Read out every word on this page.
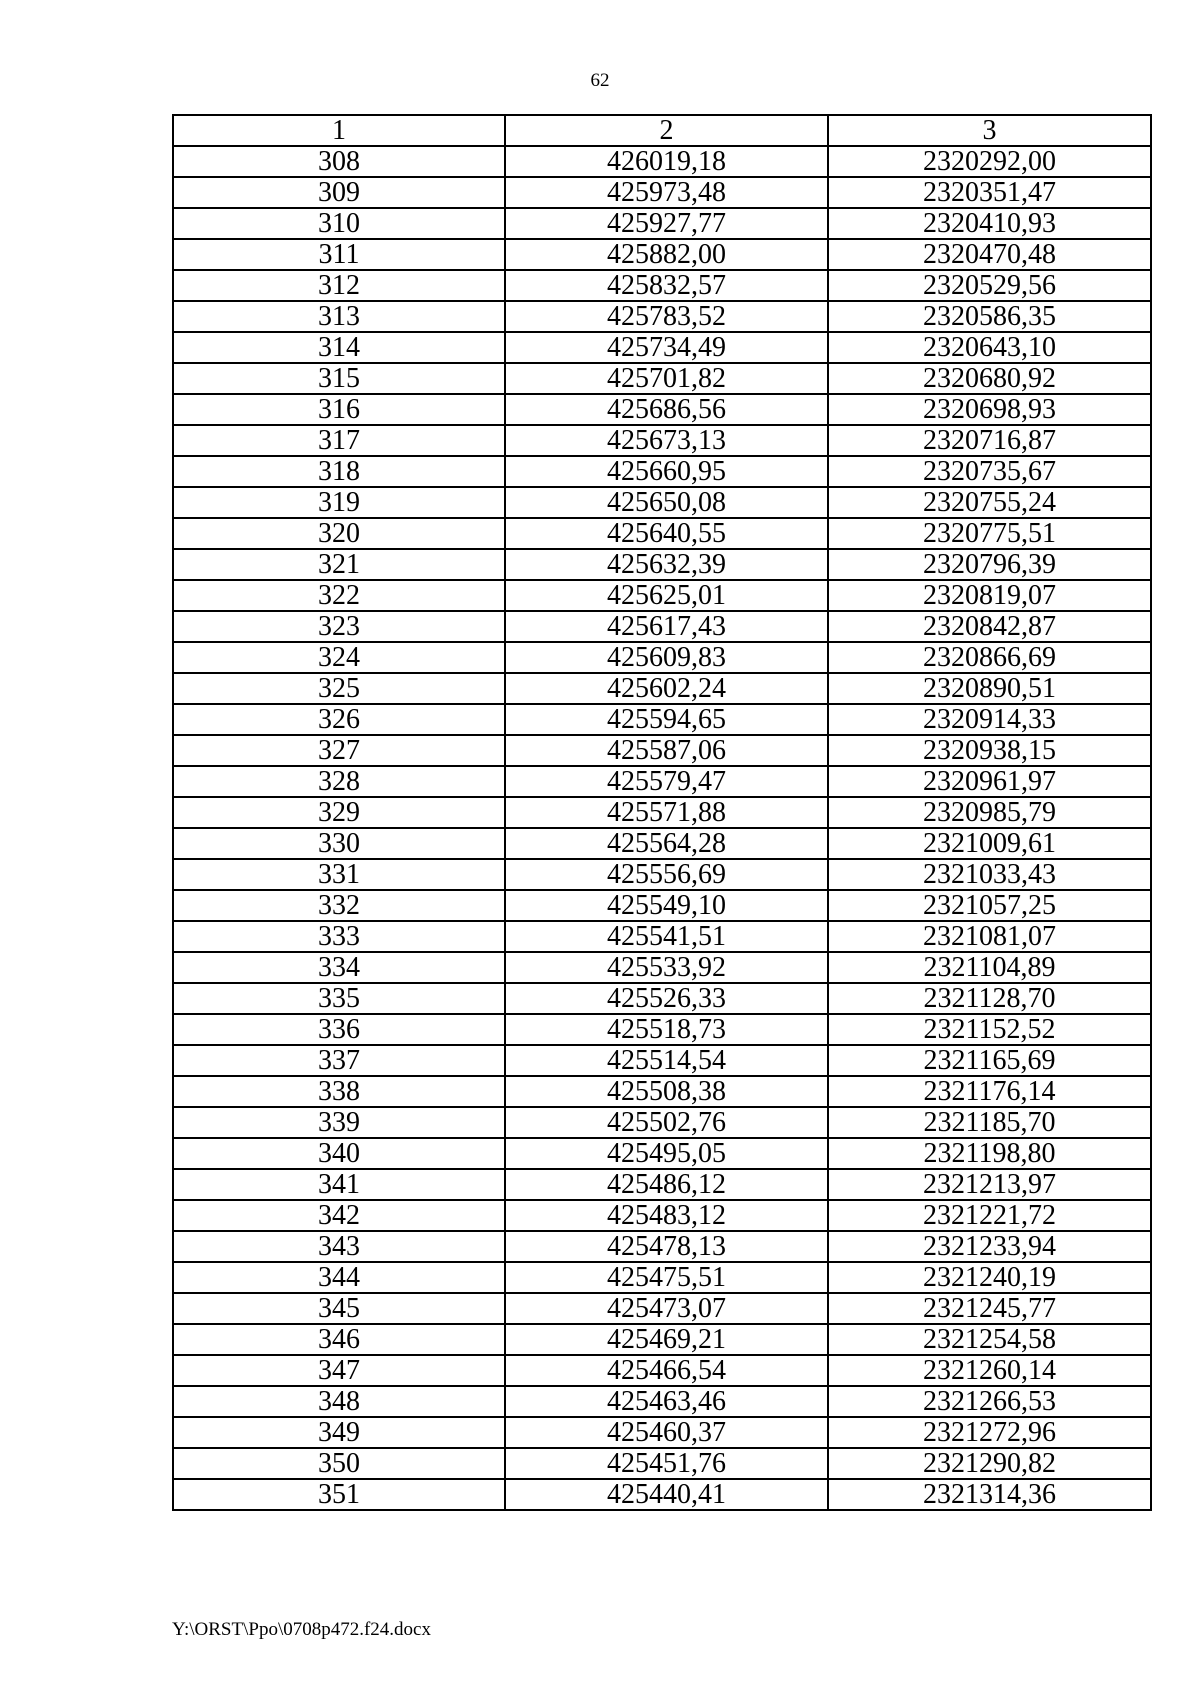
62
1	2	3
308	426019,18	2320292,00
309	425973,48	2320351,47
310	425927,77	2320410,93
311	425882,00	2320470,48
312	425832,57	2320529,56
313	425783,52	2320586,35
314	425734,49	2320643,10
315	425701,82	2320680,92
316	425686,56	2320698,93
317	425673,13	2320716,87
318	425660,95	2320735,67
319	425650,08	2320755,24
320	425640,55	2320775,51
321	425632,39	2320796,39
322	425625,01	2320819,07
323	425617,43	2320842,87
324	425609,83	2320866,69
325	425602,24	2320890,51
326	425594,65	2320914,33
327	425587,06	2320938,15
328	425579,47	2320961,97
329	425571,88	2320985,79
330	425564,28	2321009,61
331	425556,69	2321033,43
332	425549,10	2321057,25
333	425541,51	2321081,07
334	425533,92	2321104,89
335	425526,33	2321128,70
336	425518,73	2321152,52
337	425514,54	2321165,69
338	425508,38	2321176,14
339	425502,76	2321185,70
340	425495,05	2321198,80
341	425486,12	2321213,97
342	425483,12	2321221,72
343	425478,13	2321233,94
344	425475,51	2321240,19
345	425473,07	2321245,77
346	425469,21	2321254,58
347	425466,54	2321260,14
348	425463,46	2321266,53
349	425460,37	2321272,96
350	425451,76	2321290,82
351	425440,41	2321314,36
Y:\ORST\Ppo\0708p472.f24.docx
